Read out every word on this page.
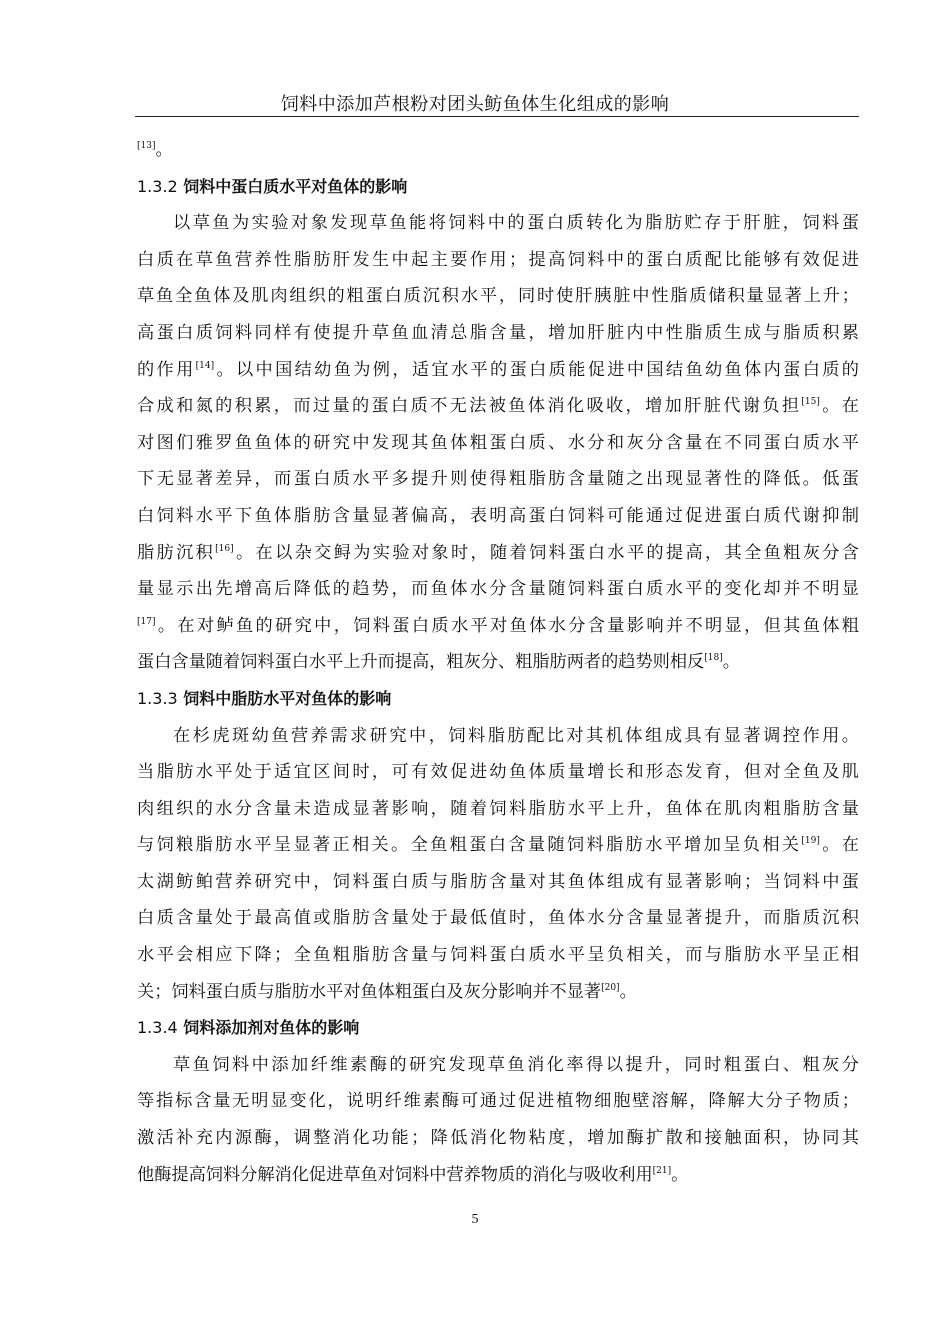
饲料中添加芦根粉对团头鲂鱼体生化组成的影响
[13]。
1.3.2 饲料中蛋白质水平对鱼体的影响
以草鱼为实验对象发现草鱼能将饲料中的蛋白质转化为脂肪贮存于肝脏，饲料蛋
白质在草鱼营养性脂肪肝发生中起主要作用；提高饲料中的蛋白质配比能够有效促进
草鱼全鱼体及肌肉组织的粗蛋白质沉积水平，同时使肝胰脏中性脂质储积量显著上升；
高蛋白质饲料同样有使提升草鱼血清总脂含量，增加肝脏内中性脂质生成与脂质积累
的作用[14]。以中国结幼鱼为例，适宜水平的蛋白质能促进中国结鱼幼鱼体内蛋白质的
合成和氮的积累，而过量的蛋白质不无法被鱼体消化吸收，增加肝脏代谢负担[15]。在
对图们雅罗鱼鱼体的研究中发现其鱼体粗蛋白质、水分和灰分含量在不同蛋白质水平
下无显著差异，而蛋白质水平多提升则使得粗脂肪含量随之出现显著性的降低。低蛋
白饲料水平下鱼体脂肪含量显著偏高，表明高蛋白饲料可能通过促进蛋白质代谢抑制
脂肪沉积[16]。在以杂交鲟为实验对象时，随着饲料蛋白水平的提高，其全鱼粗灰分含
量显示出先增高后降低的趋势，而鱼体水分含量随饲料蛋白质水平的变化却并不明显
[17]。在对鲈鱼的研究中，饲料蛋白质水平对鱼体水分含量影响并不明显，但其鱼体粗
蛋白含量随着饲料蛋白水平上升而提高，粗灰分、粗脂肪两者的趋势则相反[18]。
1.3.3 饲料中脂肪水平对鱼体的影响
在杉虎斑幼鱼营养需求研究中，饲料脂肪配比对其机体组成具有显著调控作用。
当脂肪水平处于适宜区间时，可有效促进幼鱼体质量增长和形态发育，但对全鱼及肌
肉组织的水分含量未造成显著影响，随着饲料脂肪水平上升，鱼体在肌肉粗脂肪含量
与饲粮脂肪水平呈显著正相关。全鱼粗蛋白含量随饲料脂肪水平增加呈负相关[19]。在
太湖鲂鲌营养研究中，饲料蛋白质与脂肪含量对其鱼体组成有显著影响；当饲料中蛋
白质含量处于最高值或脂肪含量处于最低值时，鱼体水分含量显著提升，而脂质沉积
水平会相应下降；全鱼粗脂肪含量与饲料蛋白质水平呈负相关，而与脂肪水平呈正相
关；饲料蛋白质与脂肪水平对鱼体粗蛋白及灰分影响并不显著[20]。
1.3.4 饲料添加剂对鱼体的影响
草鱼饲料中添加纤维素酶的研究发现草鱼消化率得以提升，同时粗蛋白、粗灰分
等指标含量无明显变化，说明纤维素酶可通过促进植物细胞壁溶解，降解大分子物质；
激活补充内源酶，调整消化功能；降低消化物粘度，增加酶扩散和接触面积，协同其
他酶提高饲料分解消化促进草鱼对饲料中营养物质的消化与吸收利用[21]。
5
